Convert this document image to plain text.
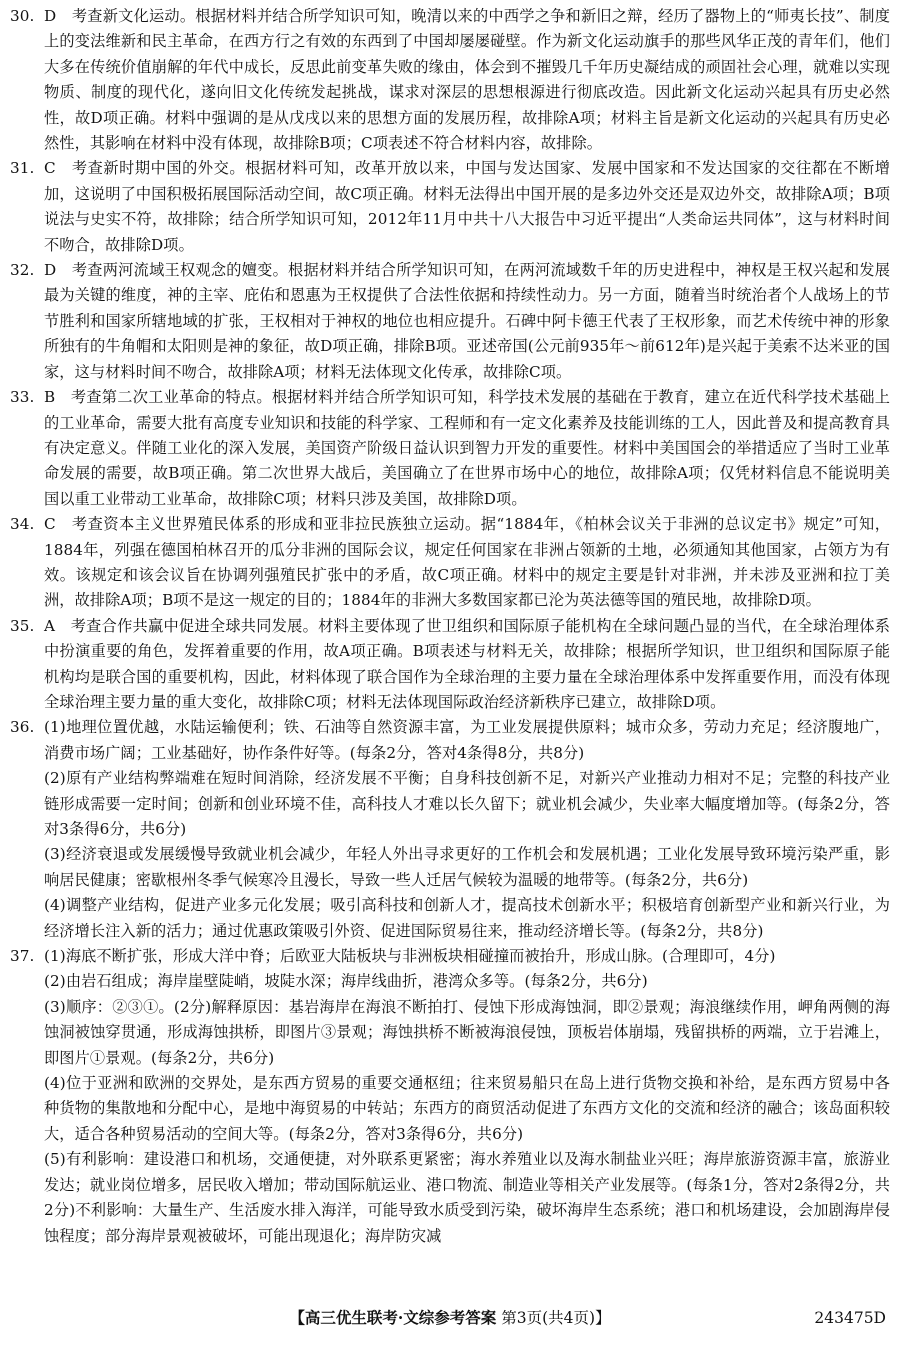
30. D　考查新文化运动。根据材料并结合所学知识可知，晚清以来的中西学之争和新旧之辩，经历了器物上的“师夷长技”、制度上的变法维新和民主革命，在西方行之有效的东西到了中国却屡屡碰壁。作为新文化运动旗手的那些风华正茂的青年们，他们大多在传统价值崩解的年代中成长，反思此前变革失败的缘由，体会到不摧毁几千年历史凝结成的顽固社会心理，就难以实现物质、制度的现代化，遂向旧文化传统发起挑战，谋求对深层的思想根源进行彻底改造。因此新文化运动兴起具有历史必然性，故D项正确。材料中强调的是从戊戌以来的思想方面的发展历程，故排除A项；材料主旨是新文化运动的兴起具有历史必然性，其影响在材料中没有体现，故排除B项；C项表述不符合材料内容，故排除。
31. C　考查新时期中国的外交。根据材料可知，改革开放以来，中国与发达国家、发展中国家和不发达国家的交往都在不断增加，这说明了中国积极拓展国际活动空间，故C项正确。材料无法得出中国开展的是多边外交还是双边外交，故排除A项；B项说法与史实不符，故排除；结合所学知识可知，2012年11月中共十八大报告中习近平提出“人类命运共同体”，这与材料时间不吻合，故排除D项。
32. D　考查两河流域王权观念的嬗变。根据材料并结合所学知识可知，在两河流域数千年的历史进程中，神权是王权兴起和发展最为关键的维度，神的主宰、庇佑和恩惠为王权提供了合法性依据和持续性动力。另一方面，随着当时统治者个人战场上的节节胜利和国家所辖地域的扩张，王权相对于神权的地位也相应提升。石碑中阿卡德王代表了王权形象，而艺术传统中神的形象所独有的牛角帽和太阳则是神的象征，故D项正确，排除B项。亚述帝国(公元前935年～前612年)是兴起于美索不达米亚的国家，这与材料时间不吻合，故排除A项；材料无法体现文化传承，故排除C项。
33. B　考查第二次工业革命的特点。根据材料并结合所学知识可知，科学技术发展的基础在于教育，建立在近代科学技术基础上的工业革命，需要大批有高度专业知识和技能的科学家、工程师和有一定文化素养及技能训练的工人，因此普及和提高教育具有决定意义。伴随工业化的深入发展，美国资产阶级日益认识到智力开发的重要性。材料中美国国会的举措适应了当时工业革命发展的需要，故B项正确。第二次世界大战后，美国确立了在世界市场中心的地位，故排除A项；仅凭材料信息不能说明美国以重工业带动工业革命，故排除C项；材料只涉及美国，故排除D项。
34. C　考查资本主义世界殖民体系的形成和亚非拉民族独立运动。据“1884年，《柏林会议关于非洲的总议定书》规定”可知，1884年，列强在德国柏林召开的瓜分非洲的国际会议，规定任何国家在非洲占领新的土地，必须通知其他国家，占领方为有效。该规定和该会议旨在协调列强殖民扩张中的矛盾，故C项正确。材料中的规定主要是针对非洲，并未涉及亚洲和拉丁美洲，故排除A项；B项不是这一规定的目的；1884年的非洲大多数国家都已沦为英法德等国的殖民地，故排除D项。
35. A　考查合作共赢中促进全球共同发展。材料主要体现了世卫组织和国际原子能机构在全球问题凸显的当代，在全球治理体系中扮演重要的角色，发挥着重要的作用，故A项正确。B项表述与材料无关，故排除；根据所学知识，世卫组织和国际原子能机构均是联合国的重要机构，因此，材料体现了联合国作为全球治理的主要力量在全球治理体系中发挥重要作用，而没有体现全球治理主要力量的重大变化，故排除C项；材料无法体现国际政治经济新秩序已建立，故排除D项。
36. (1)地理位置优越，水陆运输便利；铁、石油等自然资源丰富，为工业发展提供原料；城市众多，劳动力充足；经济腹地广，消费市场广阔；工业基础好，协作条件好等。(每条2分，答对4条得8分，共8分)

(2)原有产业结构弊端难在短时间消除，经济发展不平衡；自身科技创新不足，对新兴产业推动力相对不足；完整的科技产业链形成需要一定时间；创新和创业环境不佳，高科技人才难以长久留下；就业机会减少，失业率大幅度增加等。(每条2分，答对3条得6分，共6分)

(3)经济衰退或发展缓慢导致就业机会减少，年轻人外出寻求更好的工作机会和发展机遇；工业化发展导致环境污染严重，影响居民健康；密歇根州冬季气候寒冷且漫长，导致一些人迁居气候较为温暖的地带等。(每条2分，共6分)

(4)调整产业结构，促进产业多元化发展；吸引高科技和创新人才，提高技术创新水平；积极培育创新型产业和新兴行业，为经济增长注入新的活力；通过优惠政策吸引外资、促进国际贸易往来，推动经济增长等。(每条2分，共8分)

37. (1)海底不断扩张，形成大洋中脊；后欧亚大陆板块与非洲板块相碰撞而被抬升，形成山脉。(合理即可，4分)

(2)由岩石组成；海岸崖壁陡峭，坡陡水深；海岸线曲折，港湾众多等。(每条2分，共6分)

(3)顺序：②③①。(2分)解释原因：基岩海岸在海浪不断拍打、侵蚀下形成海蚀洞，即②景观；海浪继续作用，岬角两侧的海蚀洞被蚀穿贯通，形成海蚀拱桥，即图片③景观；海蚀拱桥不断被海浪侵蚀，顶板岩体崩塌，残留拱桥的两端，立于岩滩上，即图片①景观。(每条2分，共6分)

(4)位于亚洲和欧洲的交界处，是东西方贸易的重要交通枢纽；往来贸易船只在岛上进行货物交换和补给，是东西方贸易中各种货物的集散地和分配中心，是地中海贸易的中转站；东西方的商贸活动促进了东西方文化的交流和经济的融合；该岛面积较大，适合各种贸易活动的空间大等。(每条2分，答对3条得6分，共6分)

(5)有利影响：建设港口和机场，交通便捷，对外联系更紧密；海水养殖业以及海水制盐业兴旺；海岸旅游资源丰富，旅游业发达；就业岗位增多，居民收入增加；带动国际航运业、港口物流、制造业等相关产业发展等。(每条1分，答对2条得2分，共2分)不利影响：大量生产、生活废水排入海洋，可能导致水质受到污染，破坏海岸生态系统；港口和机场建设，会加剧海岸侵蚀程度；部分海岸景观被破坏，可能出现退化；海岸防灾减

【高三优生联考·文综参考答案 第3页(共4页)】	243475D
